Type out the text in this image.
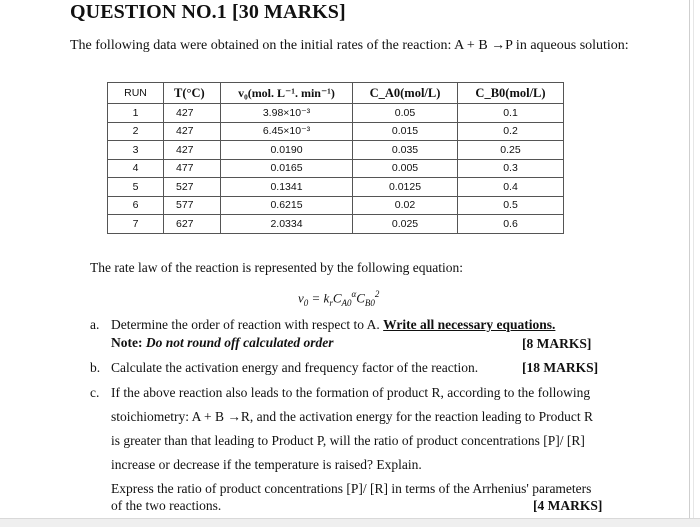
QUESTION NO.1 [30 MARKS]
The following data were obtained on the initial rates of the reaction: A + B →P in aqueous solution:
RUN	T(°C)	v₀(mol. L⁻¹. min⁻¹)	C_A0(mol/L)	C_B0(mol/L)
1	427	3.98×10⁻³	0.05	0.1
2	427	6.45×10⁻³	0.015	0.2
3	427	0.0190	0.035	0.25
4	477	0.0165	0.005	0.3
5	527	0.1341	0.0125	0.4
6	577	0.6215	0.02	0.5
7	627	2.0334	0.025	0.6
The rate law of the reaction is represented by the following equation:
$v_0 = k_rC_{A0}^\alpha C_{B0}^2$
a. Determine the order of reaction with respect to A. Write all necessary equations.
Note: Do not round off calculated order	[8 MARKS]
b. Calculate the activation energy and frequency factor of the reaction.	[18 MARKS]
c. If the above reaction also leads to the formation of product R, according to the following
stoichiometry: A + B →R, and the activation energy for the reaction leading to Product R
is greater than that leading to Product P, will the ratio of product concentrations [P]/ [R]
increase or decrease if the temperature is raised? Explain.
Express the ratio of product concentrations [P]/ [R] in terms of the Arrhenius' parameters
of the two reactions.	[4 MARKS]
